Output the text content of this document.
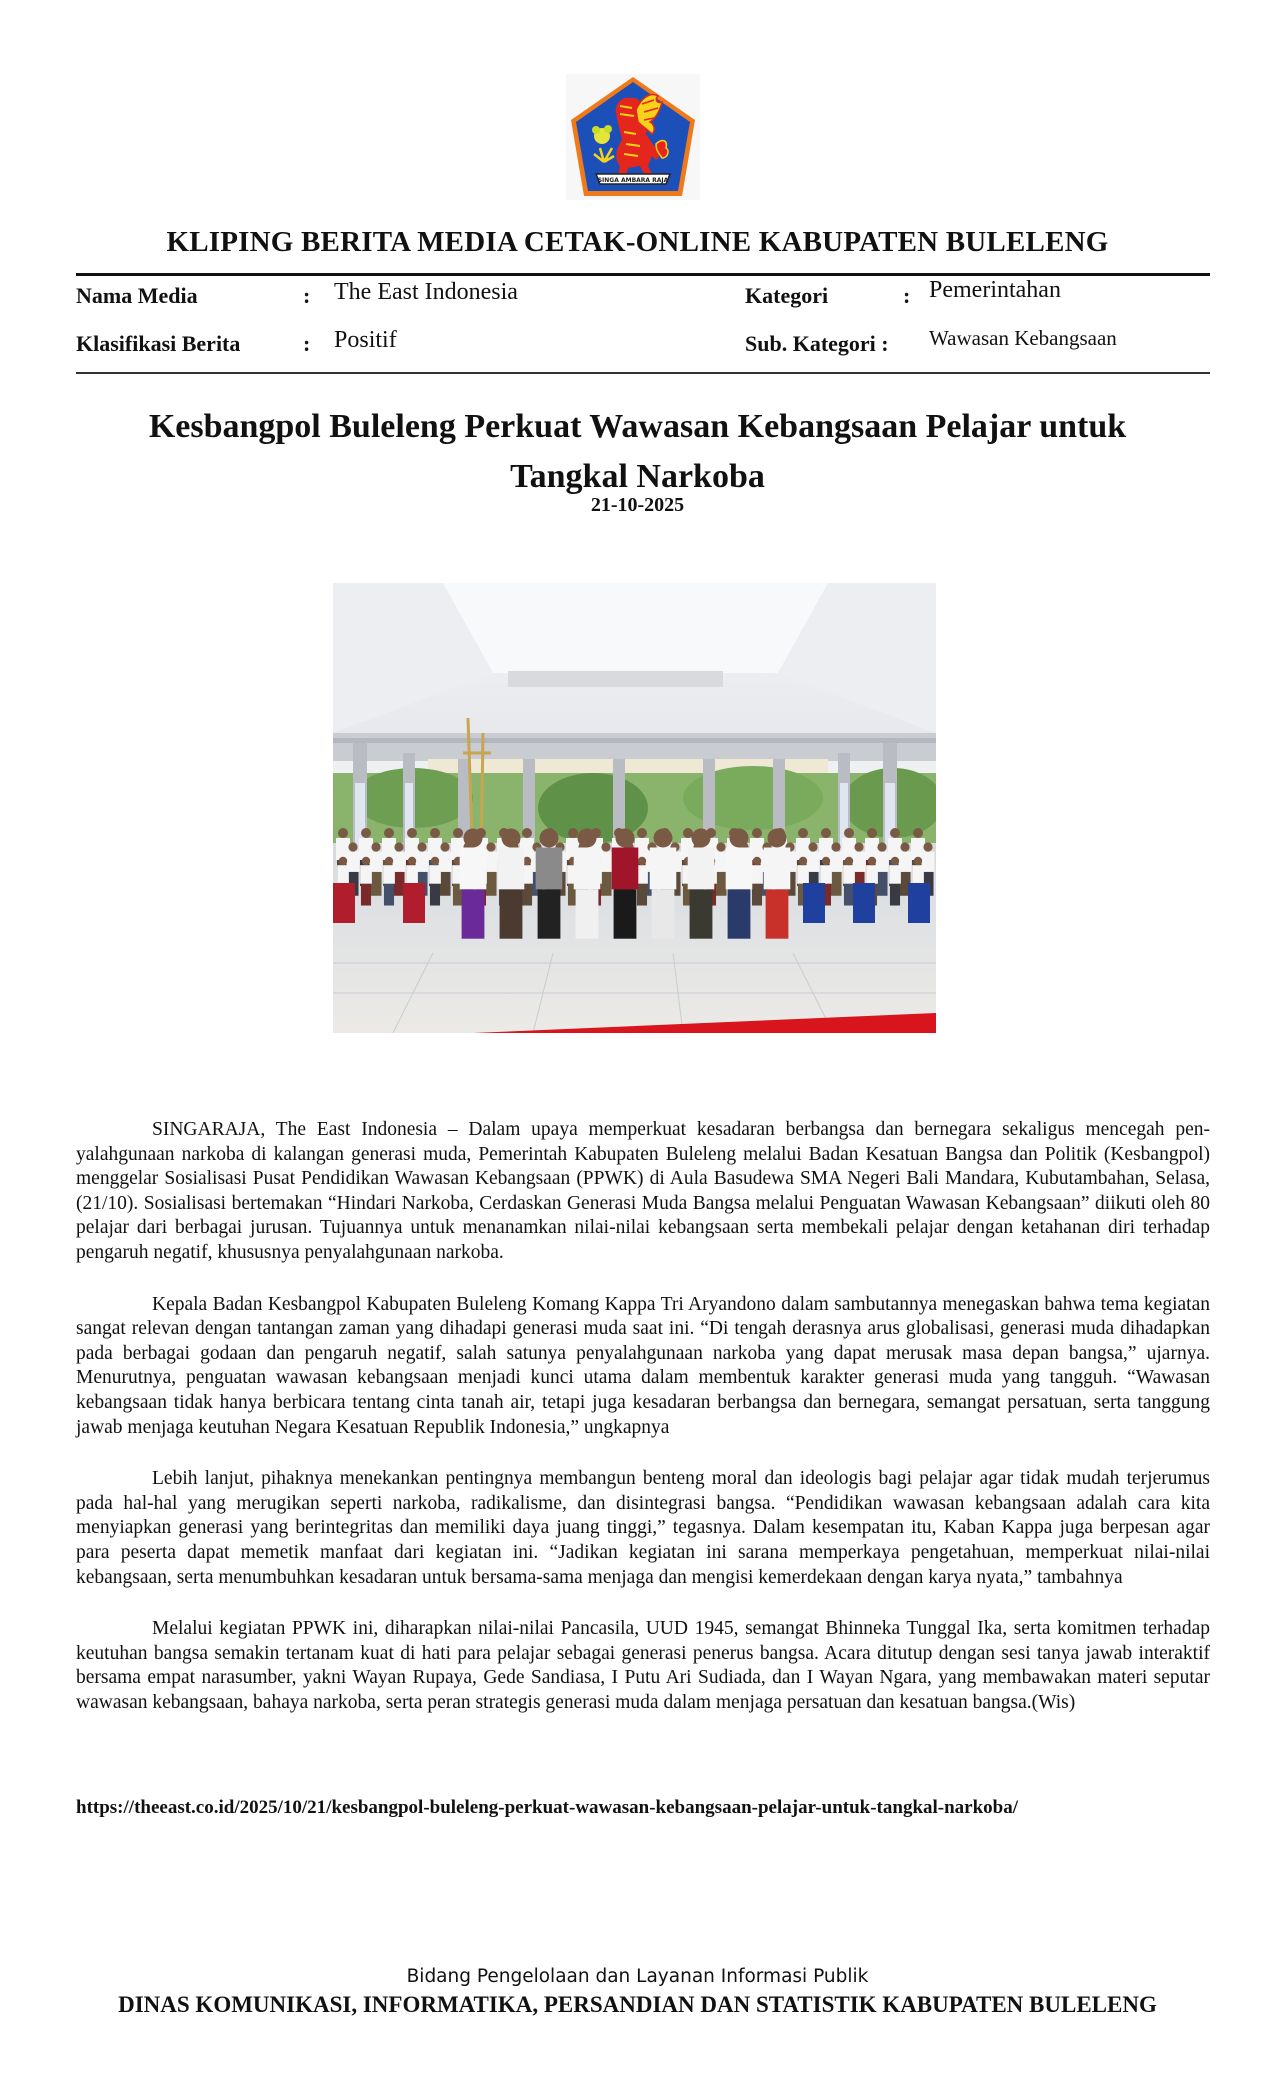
SINGA AMBARA RAJA
KLIPING BERITA MEDIA CETAK-ONLINE KABUPATEN BULELENG
Nama Media	: The East Indonesia
Klasifikasi Berita	: Positif
Kategori	: Pemerintahan
Sub. Kategori : Wawasan Kebangsaan
Kesbangpol Buleleng Perkuat Wawasan Kebangsaan Pelajar untuk Tangkal Narkoba
21-10-2025

SINGARAJA, The East Indonesia – Dalam upaya memperkuat kesadaran berbangsa dan bernegara sekaligus mencegah penyalahgunaan narkoba di kalangan generasi muda, Pemerintah Kabupaten Buleleng melalui Badan Kesatuan Bangsa dan Politik (Kesbangpol) menggelar Sosialisasi Pusat Pendidikan Wawasan Kebangsaan (PPWK) di Aula Basudewa SMA Negeri Bali Mandara, Kubutambahan, Selasa, (21/10). Sosialisasi bertemakan “Hindari Narkoba, Cerdaskan Generasi Muda Bangsa melalui Penguatan Wawasan Kebangsaan” diikuti oleh 80 pelajar dari berbagai jurusan. Tujuannya untuk menanamkan nilai-nilai kebangsaan serta membekali pelajar dengan ketahanan diri terhadap pengaruh negatif, khususnya penyalahgunaan narkoba.

Kepala Badan Kesbangpol Kabupaten Buleleng Komang Kappa Tri Aryandono dalam sambutannya menegaskan bahwa tema kegiatan sangat relevan dengan tantangan zaman yang dihadapi generasi muda saat ini. “Di tengah derasnya arus globalisasi, generasi muda dihadapkan pada berbagai godaan dan pengaruh negatif, salah satunya penyalahgunaan narkoba yang dapat merusak masa depan bangsa,” ujarnya. Menurutnya, penguatan wawasan kebangsaan menjadi kunci utama dalam membentuk karakter generasi muda yang tangguh. “Wawasan kebangsaan tidak hanya berbicara tentang cinta tanah air, tetapi juga kesadaran berbangsa dan bernegara, semangat persatuan, serta tanggung jawab menjaga keutuhan Negara Kesatuan Republik Indonesia,” ungkapnya

Lebih lanjut, pihaknya menekankan pentingnya membangun benteng moral dan ideologis bagi pelajar agar tidak mudah terjerumus pada hal-hal yang merugikan seperti narkoba, radikalisme, dan disintegrasi bangsa. “Pendidikan wawasan kebangsaan adalah cara kita menyiapkan generasi yang berintegritas dan memiliki daya juang tinggi,” tegasnya. Dalam kesempatan itu, Kaban Kappa juga berpesan agar para peserta dapat memetik manfaat dari kegiatan ini. “Jadikan kegiatan ini sarana memperkaya pengetahuan, memperkuat nilai-nilai kebangsaan, serta menumbuhkan kesadaran untuk bersama-sama menjaga dan mengisi kemerdekaan dengan karya nyata,” tambahnya

Melalui kegiatan PPWK ini, diharapkan nilai-nilai Pancasila, UUD 1945, semangat Bhinneka Tunggal Ika, serta komitmen terhadap keutuhan bangsa semakin tertanam kuat di hati para pelajar sebagai generasi penerus bangsa. Acara ditutup dengan sesi tanya jawab interaktif bersama empat narasumber, yakni Wayan Rupaya, Gede Sandiasa, I Putu Ari Sudiada, dan I Wayan Ngara, yang membawakan materi seputar wawasan kebangsaan, bahaya narkoba, serta peran strategis generasi muda dalam menjaga persatuan dan kesatuan bangsa.(Wis)

https://theeast.co.id/2025/10/21/kesbangpol-buleleng-perkuat-wawasan-kebangsaan-pelajar-untuk-tangkal-narkoba/
Bidang Pengelolaan dan Layanan Informasi Publik
DINAS KOMUNIKASI, INFORMATIKA, PERSANDIAN DAN STATISTIK KABUPATEN BULELENG
